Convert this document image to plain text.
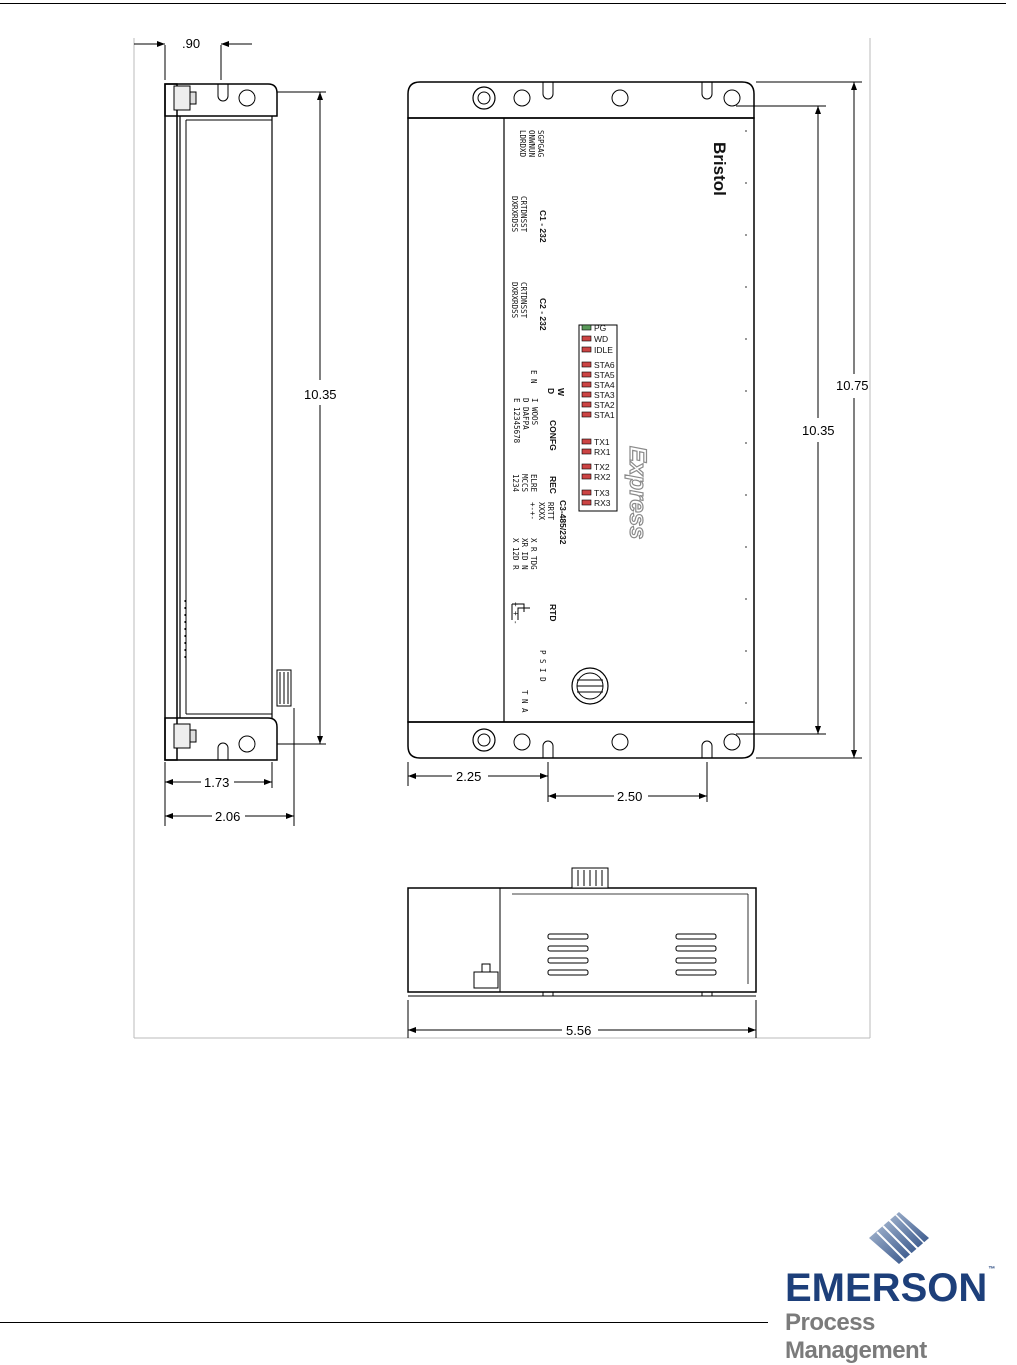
.90
10.35
1.73
2.06
Bristol
Express
SGPGAG
ONWNUN
LDRDXD
C1 - 232
CRTDNSST
DXRXRDSS
C2 - 232
CRTDNSST
DXRXRDSS
W
D
E N
CONFG
I WOOS
D DAFPA
E 12345678
REC
ELRE
MCCS
1234
C3-485/232
RRTT
XXXX
+-+-
X R TDG
XR ID N
X 12D R
RTD
+ + -
P S I D
T N A
PG
WD
IDLE
STA6
STA5
STA4
STA3
STA2
STA1
TX1
RX1
TX2
RX2
TX3
RX3
10.75
10.35
2.25
2.50
5.56
EMERSON™
Process Management
